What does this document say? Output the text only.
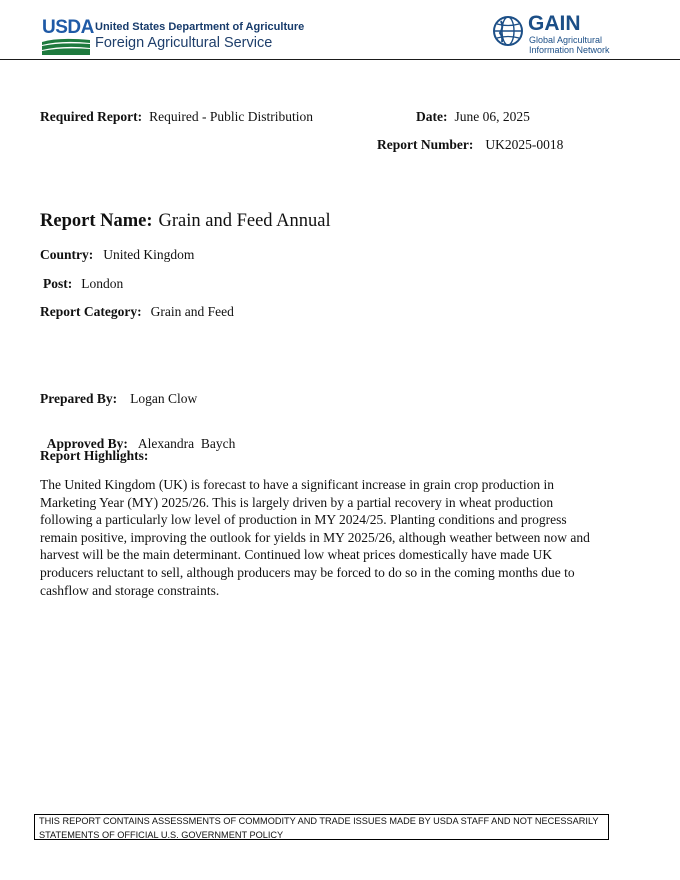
USDA United States Department of Agriculture
Foreign Agricultural Service
GAIN
Global Agricultural
Information Network
Required Report: Required - Public Distribution	Date: June 06, 2025
Report Number: UK2025-0018
Report Name: Grain and Feed Annual
Country: United Kingdom
Post: London
Report Category: Grain and Feed
Prepared By: Logan Clow

Approved By: Alexandra  Baych

Report Highlights:

The United Kingdom (UK) is forecast to have a significant increase in grain crop production in Marketing Year (MY) 2025/26. This is largely driven by a partial recovery in wheat production following a particularly low level of production in MY 2024/25. Planting conditions and progress remain positive, improving the outlook for yields in MY 2025/26, although weather between now and harvest will be the main determinant. Continued low wheat prices domestically have made UK producers reluctant to sell, although producers may be forced to do so in the coming months due to cashflow and storage constraints.

THIS REPORT CONTAINS ASSESSMENTS OF COMMODITY AND TRADE ISSUES MADE BY USDA STAFF AND NOT NECESSARILY STATEMENTS OF OFFICIAL U.S. GOVERNMENT POLICY
